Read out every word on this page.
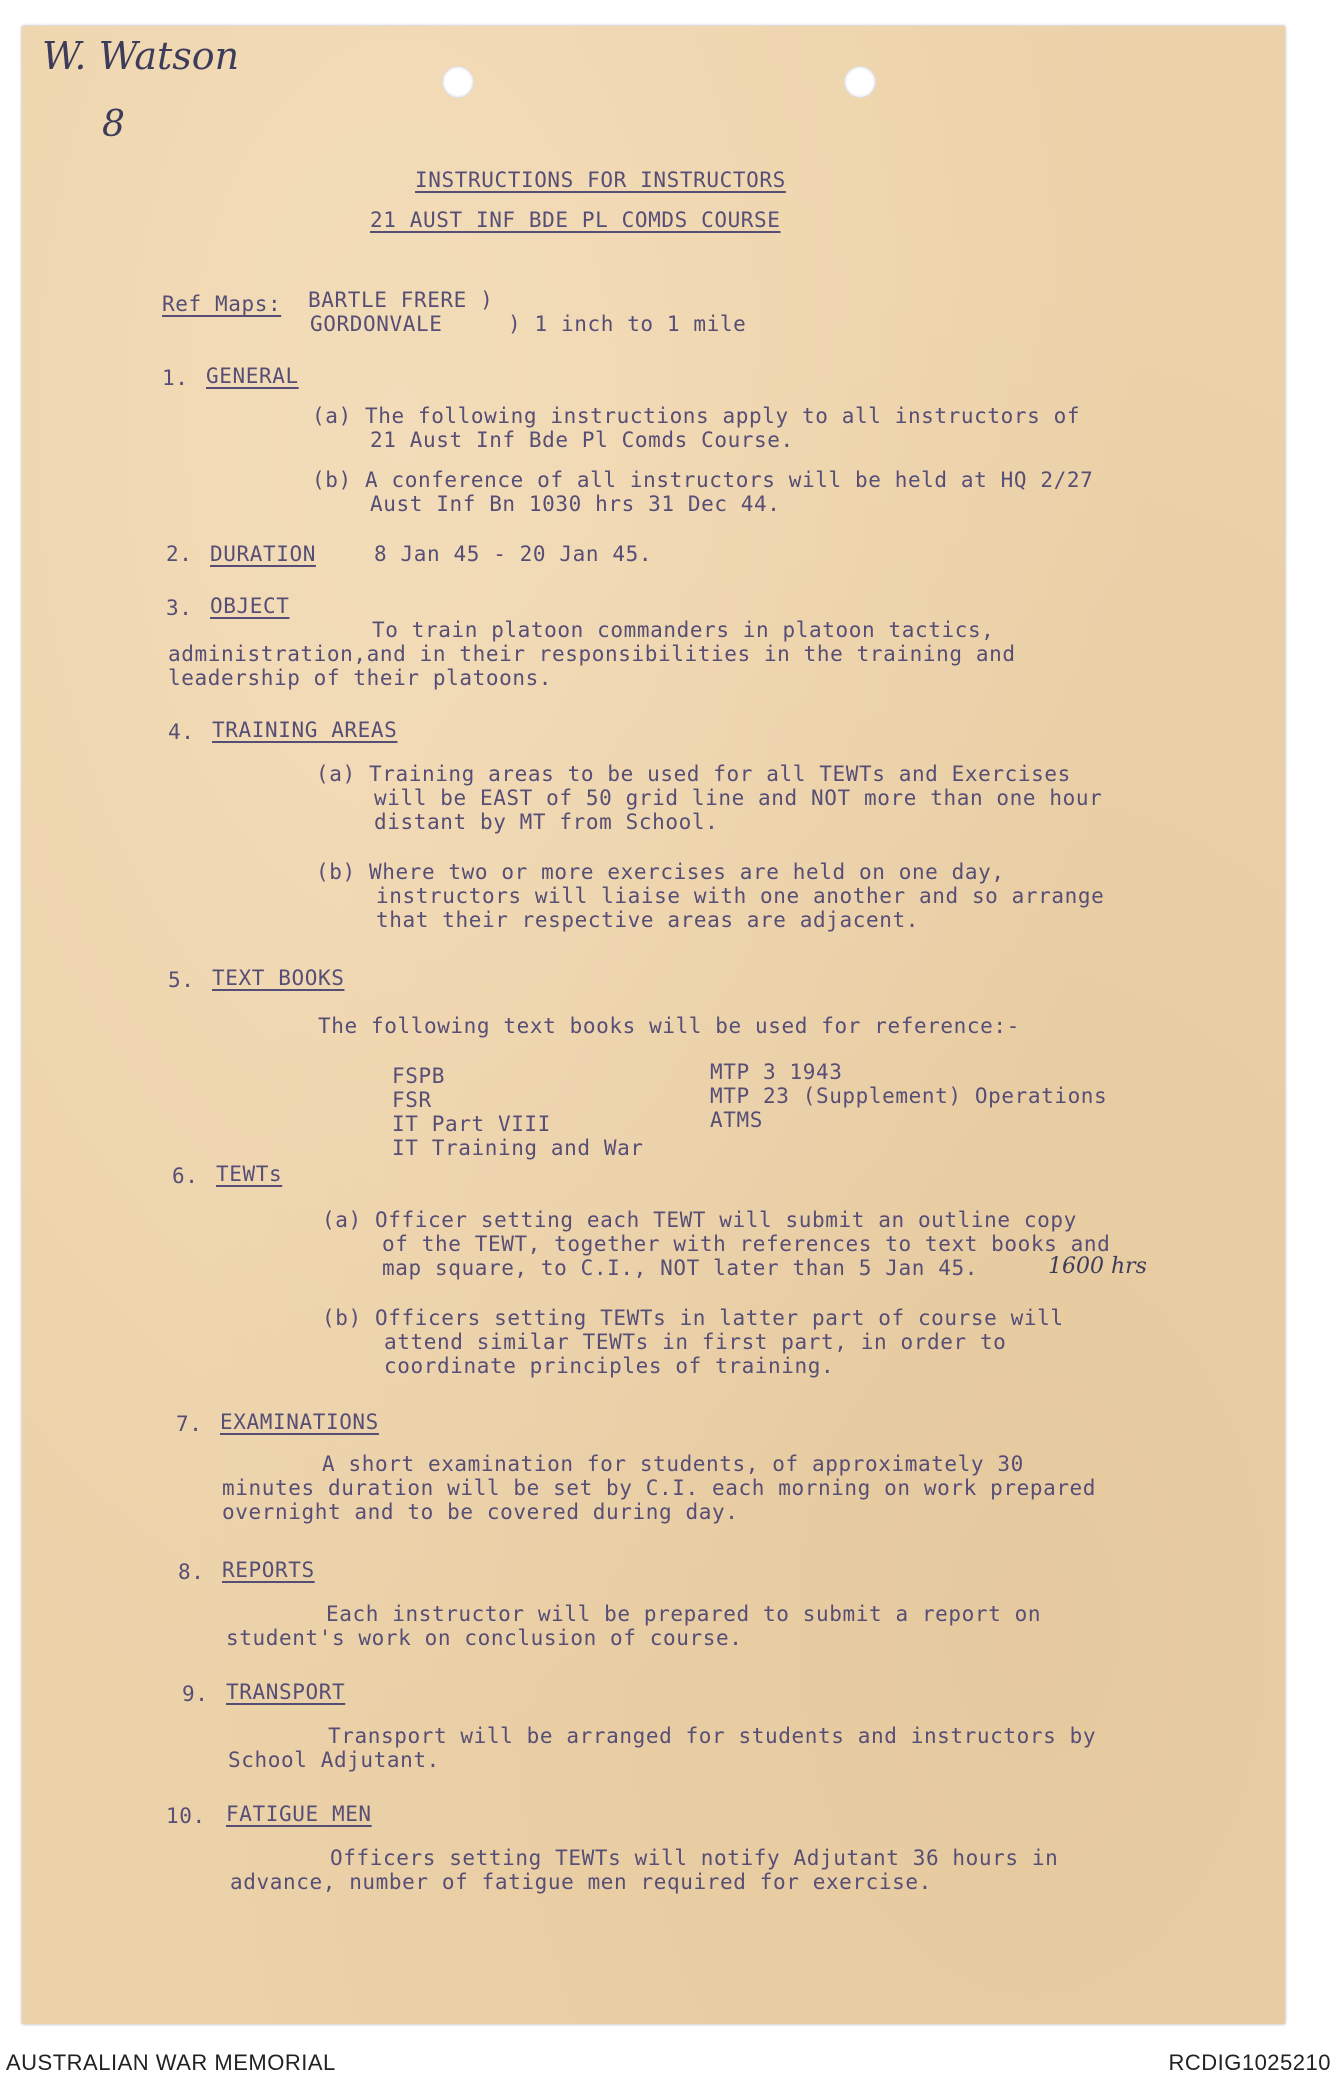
W. Watson
8
INSTRUCTIONS FOR INSTRUCTORS
21 AUST INF BDE PL COMDS COURSE
Ref Maps: BARTLE FRERE )
GORDONVALE	) 1 inch to 1 mile
1. GENERAL
(a) The following instructions apply to all instructors of
21 Aust Inf Bde Pl Comds Course.
(b) A conference of all instructors will be held at HQ 2/27
Aust Inf Bn 1030 hrs 31 Dec 44.
2. DURATION	8 Jan 45 - 20 Jan 45.
3. OBJECT
To train platoon commanders in platoon tactics,
administration,and in their responsibilities in the training and
leadership of their platoons.
4. TRAINING AREAS
(a) Training areas to be used for all TEWTs and Exercises
will be EAST of 50 grid line and NOT more than one hour
distant by MT from School.
(b) Where two or more exercises are held on one day,
instructors will liaise with one another and so arrange
that their respective areas are adjacent.
5. TEXT BOOKS
The following text books will be used for reference:-
FSPB
FSR
IT Part VIII
IT Training and War
MTP 3 1943
MTP 23 (Supplement) Operations
ATMS
6. TEWTs
(a) Officer setting each TEWT will submit an outline copy
of the TEWT, together with references to text books and
map square, to C.I., NOT later than 5 Jan 45.	1600 hrs
(b) Officers setting TEWTs in latter part of course will
attend similar TEWTs in first part, in order to
coordinate principles of training.
7. EXAMINATIONS
A short examination for students, of approximately 30
minutes duration will be set by C.I. each morning on work prepared
overnight and to be covered during day.
8. REPORTS
Each instructor will be prepared to submit a report on
student's work on conclusion of course.
9. TRANSPORT
Transport will be arranged for students and instructors by
School Adjutant.
10. FATIGUE MEN
Officers setting TEWTs will notify Adjutant 36 hours in
advance, number of fatigue men required for exercise.
AUSTRALIAN WAR MEMORIAL	RCDIG1025210
